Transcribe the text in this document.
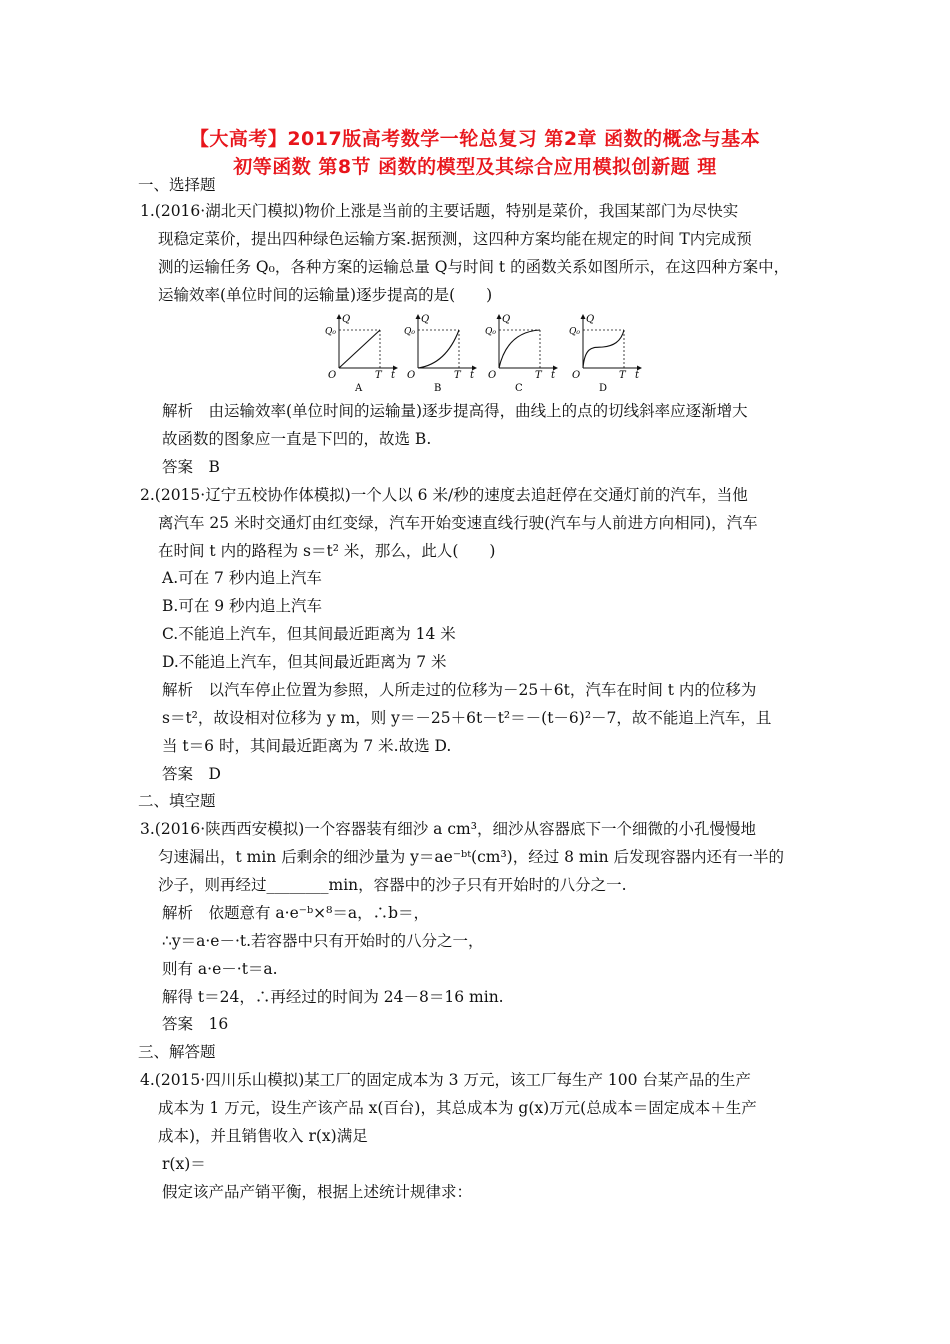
【大高考】2017版高考数学一轮总复习 第2章 函数的概念与基本
初等函数 第8节 函数的模型及其综合应用模拟创新题 理
一、选择题
1.(2016·湖北天门模拟)物价上涨是当前的主要话题，特别是菜价，我国某部门为尽快实
现稳定菜价，提出四种绿色运输方案.据预测，这四种方案均能在规定的时间 T内完成预
测的运输任务 Q₀，各种方案的运输总量 Q与时间 t 的函数关系如图所示，在这四种方案中，
运输效率(单位时间的运输量)逐步提高的是(　　)
Q
Q₀
O	T t
A
Q
Q₀
O	T t
B
Q
Q₀
O	T t
C
Q
Q₀
O	T t
D
解析　由运输效率(单位时间的运输量)逐步提高得，曲线上的点的切线斜率应逐渐增大
故函数的图象应一直是下凹的，故选 B.
答案　B
2.(2015·辽宁五校协作体模拟)一个人以 6 米/秒的速度去追赶停在交通灯前的汽车，当他
离汽车 25 米时交通灯由红变绿，汽车开始变速直线行驶(汽车与人前进方向相同)，汽车
在时间 t 内的路程为 s＝t² 米，那么，此人(　　)
A.可在 7 秒内追上汽车
B.可在 9 秒内追上汽车
C.不能追上汽车，但其间最近距离为 14 米
D.不能追上汽车，但其间最近距离为 7 米
解析　以汽车停止位置为参照，人所走过的位移为－25＋6t，汽车在时间 t 内的位移为
s＝t²，故设相对位移为 y m，则 y＝－25＋6t－t²＝－(t－6)²－7，故不能追上汽车，且
当 t＝6 时，其间最近距离为 7 米.故选 D.
答案　D
二、填空题
3.(2016·陕西西安模拟)一个容器装有细沙 a cm³，细沙从容器底下一个细微的小孔慢慢地
匀速漏出，t min 后剩余的细沙量为 y＝ae⁻ᵇᵗ(cm³)，经过 8 min 后发现容器内还有一半的
沙子，则再经过________min，容器中的沙子只有开始时的八分之一.
解析　依题意有 a·e⁻ᵇ×⁸＝a，∴b＝，
∴y＝a·e－·t.若容器中只有开始时的八分之一，
则有 a·e－·t＝a.
解得 t＝24，∴再经过的时间为 24－8＝16 min.
答案　16
三、解答题
4.(2015·四川乐山模拟)某工厂的固定成本为 3 万元，该工厂每生产 100 台某产品的生产
成本为 1 万元，设生产该产品 x(百台)，其总成本为 g(x)万元(总成本＝固定成本＋生产
成本)，并且销售收入 r(x)满足
r(x)＝
假定该产品产销平衡，根据上述统计规律求：
